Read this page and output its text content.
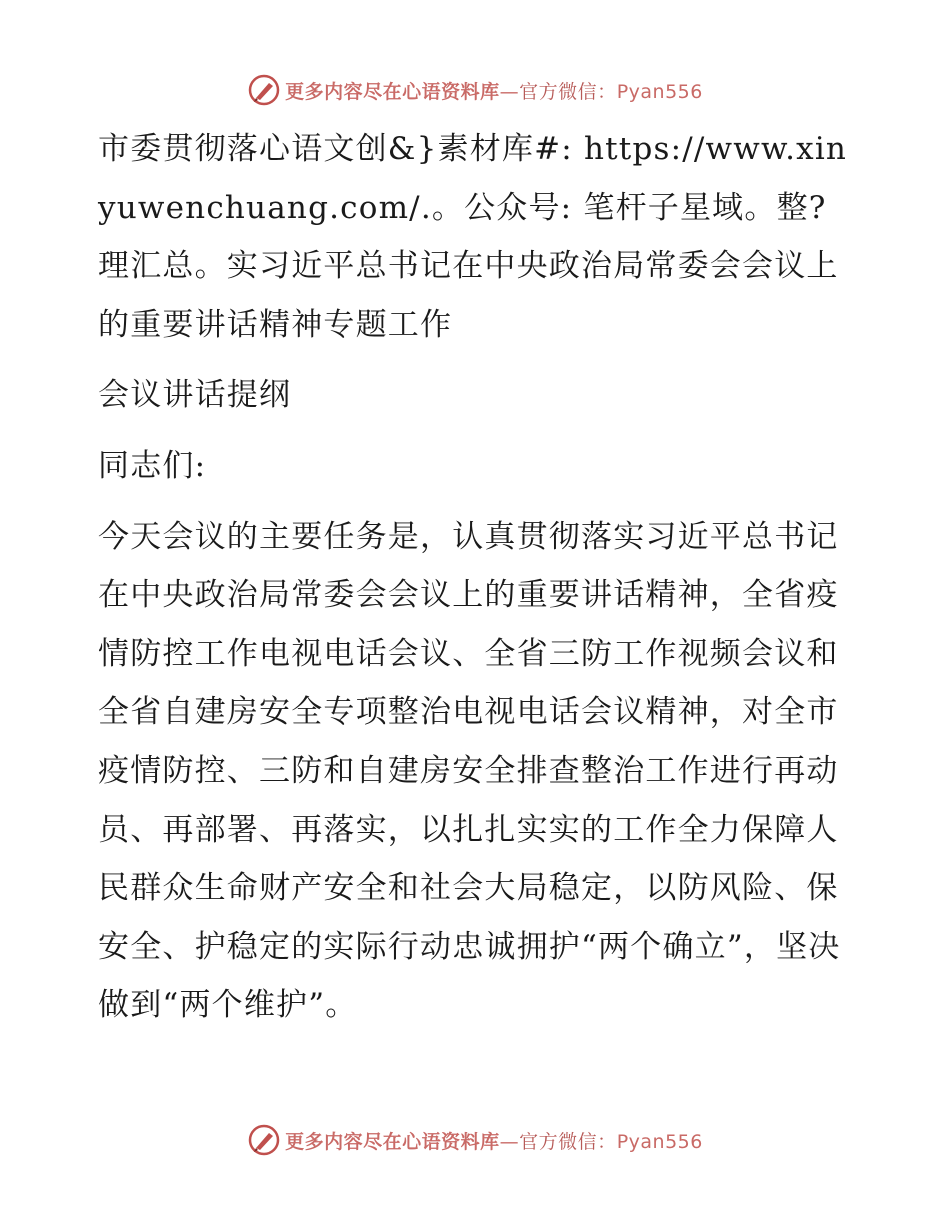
更多内容尽在心语资料库—官方微信：Pyan556

市委贯彻落心语文创&}素材库#: https://www.xinyuwenchuang.com/.。公众号: 笔杆子星域。整?理汇总。实习近平总书记在中央政治局常委会会议上的重要讲话精神专题工作

会议讲话提纲

同志们:

今天会议的主要任务是，认真贯彻落实习近平总书记在中央政治局常委会会议上的重要讲话精神，全省疫情防控工作电视电话会议、全省三防工作视频会议和全省自建房安全专项整治电视电话会议精神，对全市疫情防控、三防和自建房安全排查整治工作进行再动员、再部署、再落实，以扎扎实实的工作全力保障人民群众生命财产安全和社会大局稳定，以防风险、保安全、护稳定的实际行动忠诚拥护“两个确立”，坚决做到“两个维护”。

更多内容尽在心语资料库—官方微信：Pyan556
